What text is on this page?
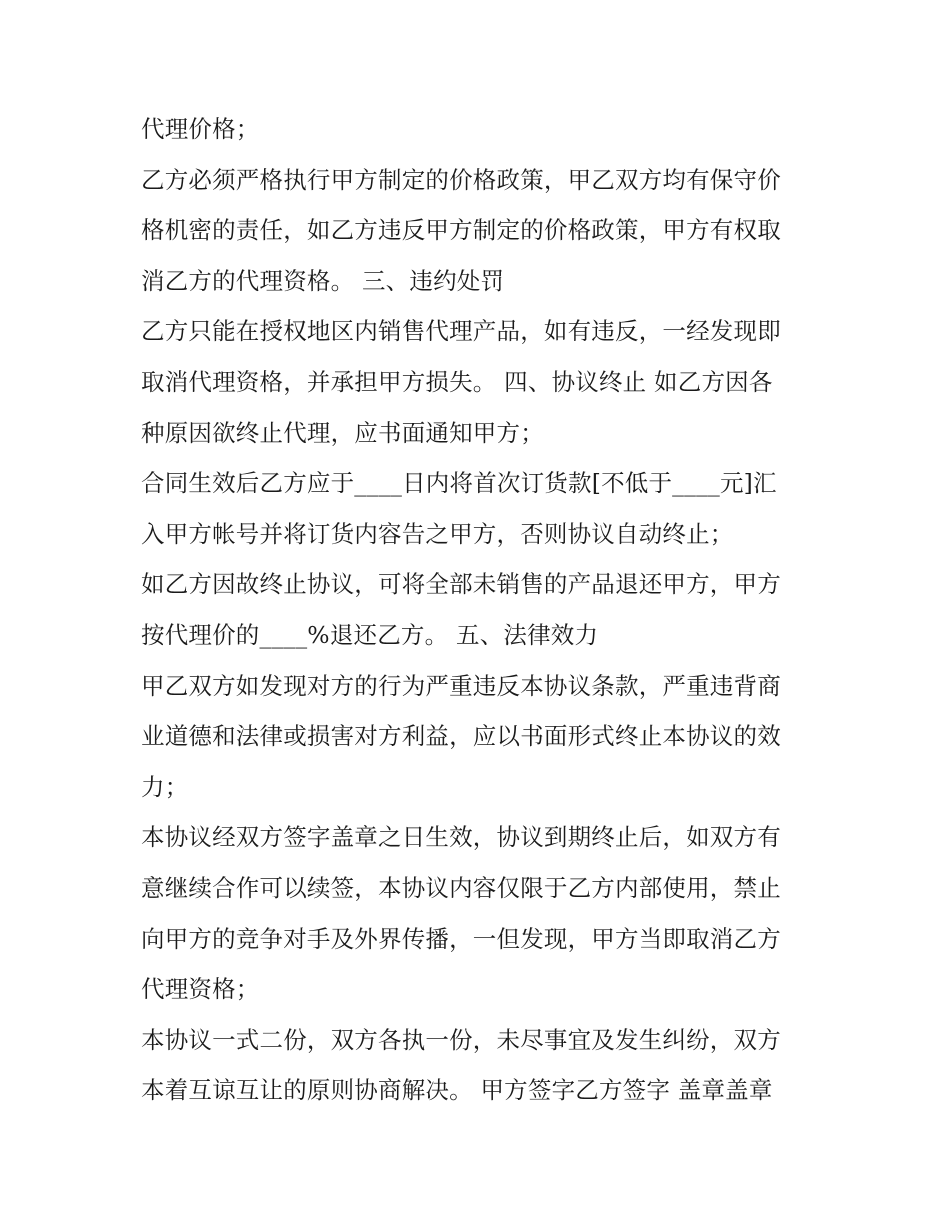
代理价格；
乙方必须严格执行甲方制定的价格政策，甲乙双方均有保守价
格机密的责任，如乙方违反甲方制定的价格政策，甲方有权取
消乙方的代理资格。 三、违约处罚
乙方只能在授权地区内销售代理产品，如有违反，一经发现即
取消代理资格，并承担甲方损失。 四、协议终止 如乙方因各
种原因欲终止代理，应书面通知甲方；
合同生效后乙方应于____日内将首次订货款[不低于____元]汇
入甲方帐号并将订货内容告之甲方，否则协议自动终止；
如乙方因故终止协议，可将全部未销售的产品退还甲方，甲方
按代理价的____%退还乙方。 五、法律效力
甲乙双方如发现对方的行为严重违反本协议条款，严重违背商
业道德和法律或损害对方利益，应以书面形式终止本协议的效
力；
本协议经双方签字盖章之日生效，协议到期终止后，如双方有
意继续合作可以续签，本协议内容仅限于乙方内部使用，禁止
向甲方的竞争对手及外界传播，一但发现，甲方当即取消乙方
代理资格；
本协议一式二份，双方各执一份，未尽事宜及发生纠纷，双方
本着互谅互让的原则协商解决。 甲方签字乙方签字 盖章盖章
